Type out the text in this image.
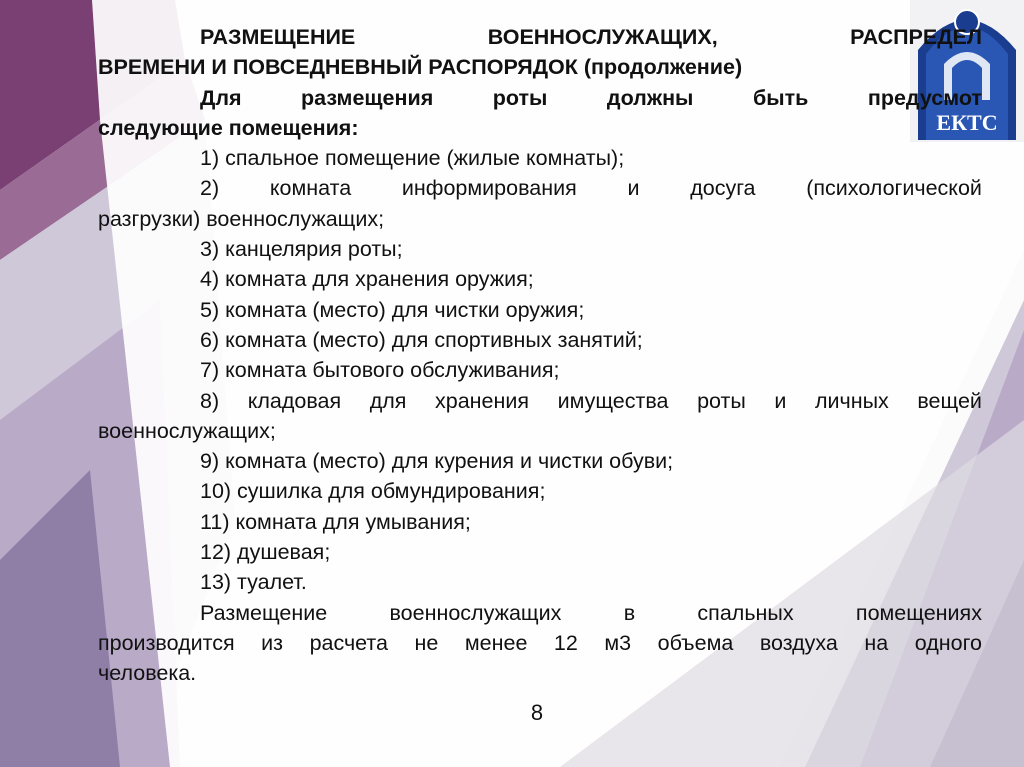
ЕКТС
РАЗМЕЩЕНИЕ	ВОЕННОСЛУЖАЩИХ,	РАСПРЕДЕЛ
ВРЕМЕНИ И ПОВСЕДНЕВНЫЙ РАСПОРЯДОК (продолжение)
Для	размещения	роты	должны	быть	предусмот
следующие помещения:
1) спальное помещение (жилые комнаты);
2) комната информирования и досуга (психологической
разгрузки) военнослужащих;
3) канцелярия роты;
4) комната для хранения оружия;
5) комната (место) для чистки оружия;
6) комната (место) для спортивных занятий;
7) комната бытового обслуживания;
8) кладовая для хранения имущества роты и личных вещей
военнослужащих;
9) комната (место) для курения и чистки обуви;
10) сушилка для обмундирования;
11) комната для умывания;
12) душевая;
13) туалет.
Размещение	военнослужащих	в	спальных	помещениях
производится из расчета не менее 12 м3 объема воздуха на одного
человека.
8
